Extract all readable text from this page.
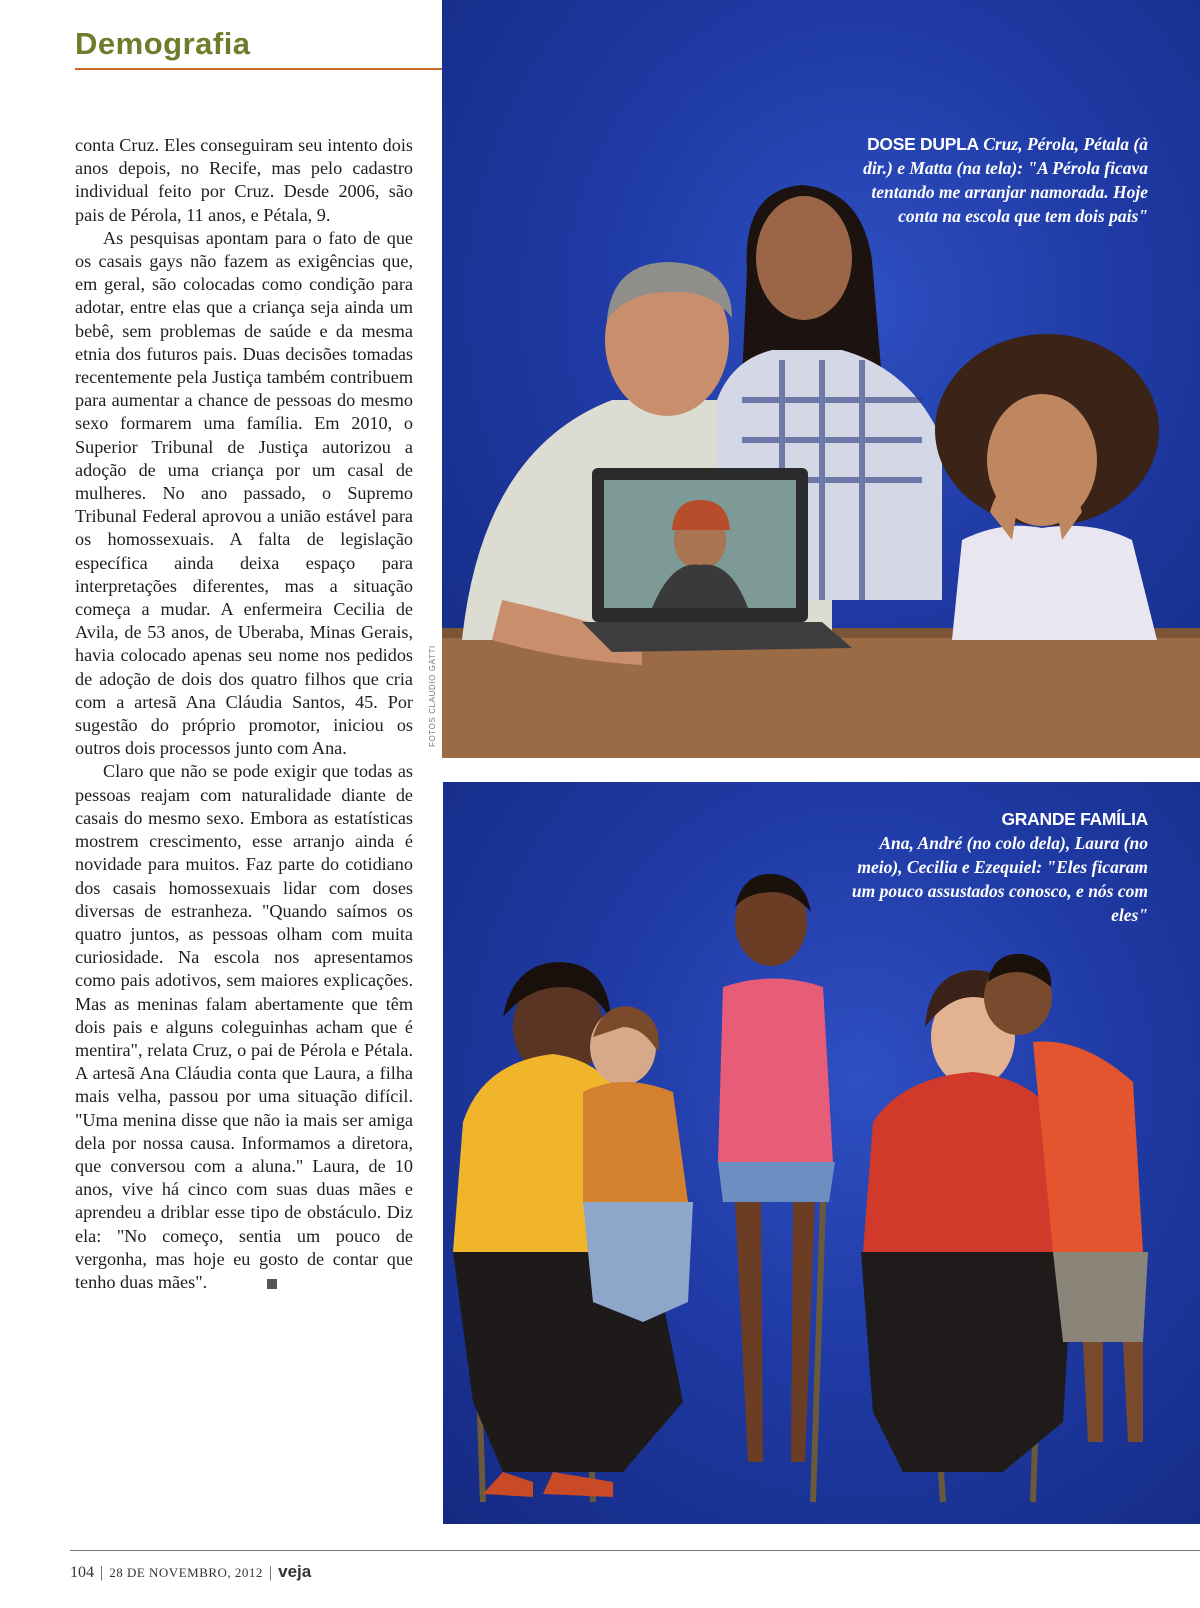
Demografia

conta Cruz. Eles conseguiram seu intento dois anos depois, no Recife, mas pelo cadastro individual feito por Cruz. Desde 2006, são pais de Pérola, 11 anos, e Pétala, 9.

As pesquisas apontam para o fato de que os casais gays não fazem as exigências que, em geral, são colocadas como condição para adotar, entre elas que a criança seja ainda um bebê, sem problemas de saúde e da mesma etnia dos futuros pais. Duas decisões tomadas recentemente pela Justiça também contribuem para aumentar a chance de pessoas do mesmo sexo formarem uma família. Em 2010, o Superior Tribunal de Justiça autorizou a adoção de uma criança por um casal de mulheres. No ano passado, o Supremo Tribunal Federal aprovou a união estável para os homossexuais. A falta de legislação específica ainda deixa espaço para interpretações diferentes, mas a situação começa a mudar. A enfermeira Cecilia de Avila, de 53 anos, de Uberaba, Minas Gerais, havia colocado apenas seu nome nos pedidos de adoção de dois dos quatro filhos que cria com a artesã Ana Cláudia Santos, 45. Por sugestão do próprio promotor, iniciou os outros dois processos junto com Ana.

Claro que não se pode exigir que todas as pessoas reajam com naturalidade diante de casais do mesmo sexo. Embora as estatísticas mostrem crescimento, esse arranjo ainda é novidade para muitos. Faz parte do cotidiano dos casais homossexuais lidar com doses diversas de estranheza. "Quando saímos os quatro juntos, as pessoas olham com muita curiosidade. Na escola nos apresentamos como pais adotivos, sem maiores explicações. Mas as meninas falam abertamente que têm dois pais e alguns coleguinhas acham que é mentira", relata Cruz, o pai de Pérola e Pétala. A artesã Ana Cláudia conta que Laura, a filha mais velha, passou por uma situação difícil. "Uma menina disse que não ia mais ser amiga dela por nossa causa. Informamos a diretora, que conversou com a aluna." Laura, de 10 anos, vive há cinco com suas duas mães e aprendeu a driblar esse tipo de obstáculo. Diz ela: "No começo, sentia um pouco de vergonha, mas hoje eu gosto de contar que tenho duas mães".

FOTOS CLAUDIO GATTI
DOSE DUPLA Cruz, Pérola, Pétala (à dir.) e Matta (na tela): "A Pérola ficava tentando me arranjar namorada. Hoje conta na escola que tem dois pais"
GRANDE FAMÍLIA
Ana, André (no colo dela), Laura (no meio), Cecilia e Ezequiel: "Eles ficaram um pouco assustados conosco, e nós com eles"
104 | 28 DE NOVEMBRO, 2012 | veja
